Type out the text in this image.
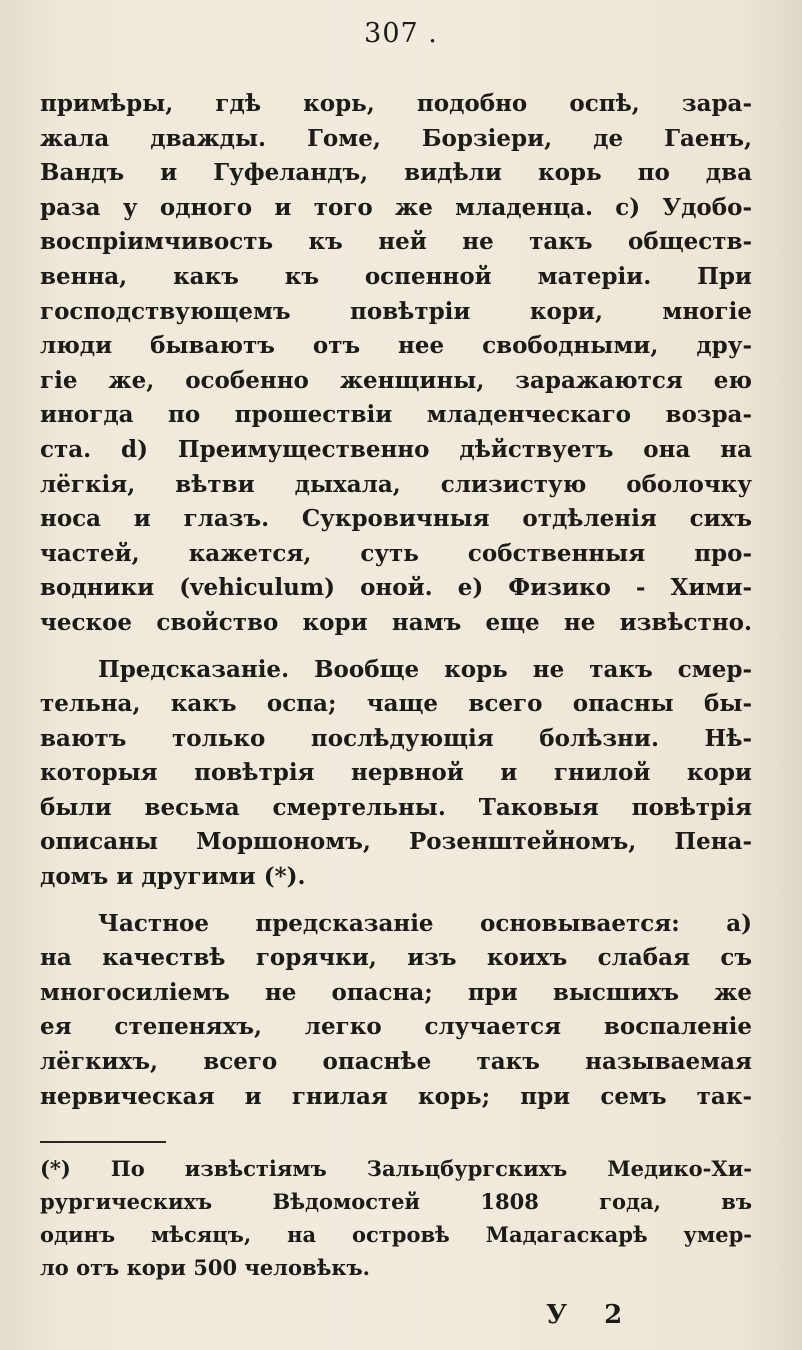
307 .

примѣры, гдѣ корь, подобно оспѣ, зара-
жала дважды. Гоме, Борзіери, де Гаенъ,
Вандъ и Гуфеландъ, видѣли корь по два
раза у одного и того же младенца. с) Удобо-
воспріимчивость къ ней не такъ обществ-
венна, какъ къ оспенной матеріи. При
господствующемъ повѣтріи кори, многіе
люди бываютъ отъ нее свободными, дру-
гіе же, особенно женщины, заражаются ею
иногда по прошествіи младенческаго возра-
ста. d) Преимущественно дѣйствуетъ она на
лёгкія, вѣтви дыхала, слизистую оболочку
носа и глазъ. Сукровичныя отдѣленія сихъ
частей, кажется, суть собственныя про-
водники (vehiculum) оной. е) Физико - Хими-
ческое свойство кори намъ еще не извѣстно.

Предсказаніе. Вообще корь не такъ смер-
тельна, какъ оспа; чаще всего опасны бы-
ваютъ только послѣдующія болѣзни. Нѣ-
которыя повѣтрія нервной и гнилой кори
были весьма смертельны. Таковыя повѣтрія
описаны Моршономъ, Розенштейномъ, Пена-
домъ и другими (*).

Частное предсказаніе основывается: а)
на качествѣ горячки, изъ коихъ слабая съ
многосиліемъ не опасна; при высшихъ же
ея степеняхъ, легко случается воспаленіе
лёгкихъ, всего опаснѣе такъ называемая
нервическая и гнилая корь; при семъ так-

(*) По извѣстіямъ Зальцбургскихъ Медико-Хи-
рургическихъ Вѣдомостей 1808 года, въ
одинъ мѣсяцъ, на островѣ Мадагаскарѣ умер-
ло отъ кори 500 человѣкъ.
У 2
